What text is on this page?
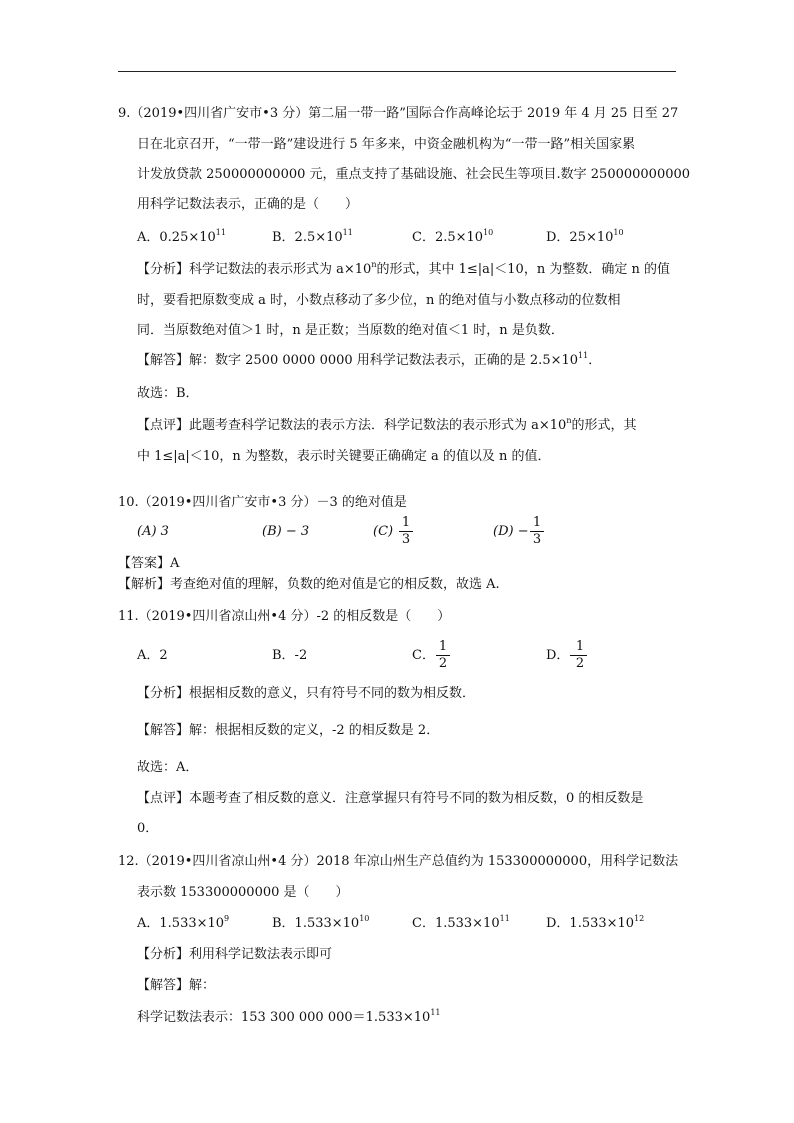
9.（2019•四川省广安市•3 分）第二届一带一路”国际合作高峰论坛于 2019 年 4 月 25 日至 27
日在北京召开，“一带一路”建设进行 5 年多来，中资金融机构为“一带一路”相关国家累
计发放贷款 250000000000 元，重点支持了基础设施、社会民生等项目.数字 250000000000
用科学记数法表示，正确的是（　　）
A．$0.25\times 10^{11}$	B．$2.5\times 10^{11}$	C．$2.5\times 10^{10}$	D．$25\times 10^{10}$
【分析】科学记数法的表示形式为 $a\times 10^n$的形式，其中 1≤|a|＜10，n 为整数．确定 n 的值
时，要看把原数变成 a 时，小数点移动了多少位，n 的绝对值与小数点移动的位数相
同．当原数绝对值＞1 时，n 是正数；当原数的绝对值＜1 时，n 是负数．
【解答】解：数字 2500 0000 0000 用科学记数法表示，正确的是 $2.5\times 10^{11}$．
故选：B．
【点评】此题考查科学记数法的表示方法．科学记数法的表示形式为 $a\times 10^n$的形式，其
中 1≤|a|＜10，n 为整数，表示时关键要正确确定 a 的值以及 n 的值．
10.（2019•四川省广安市•3 分）－3 的绝对值是
(A) 3	(B) − 3	(C)
1
3
(D) −
1
3
【答案】A
【解析】考查绝对值的理解，负数的绝对值是它的相反数，故选 A.
11.（2019•四川省凉山州•4 分）-2 的相反数是（　　）
A．2	B．-2	C．
1
2
D．-
1
2
【分析】根据相反数的意义，只有符号不同的数为相反数．
【解答】解：根据相反数的定义，-2 的相反数是 2．
故选：A．
【点评】本题考查了相反数的意义．注意掌握只有符号不同的数为相反数，0 的相反数是
0．
12.（2019•四川省凉山州•4 分）2018 年凉山州生产总值约为 153300000000，用科学记数法
表示数 153300000000 是（　　）
A．$1.533\times 10^9$	B．$1.533\times 10^{10}$	C．$1.533\times 10^{11}$	D．$1.533\times 10^{12}$
【分析】利用科学记数法表示即可
【解答】解：
科学记数法表示：153 300 000 $000=1.533\times 10^{11}$
